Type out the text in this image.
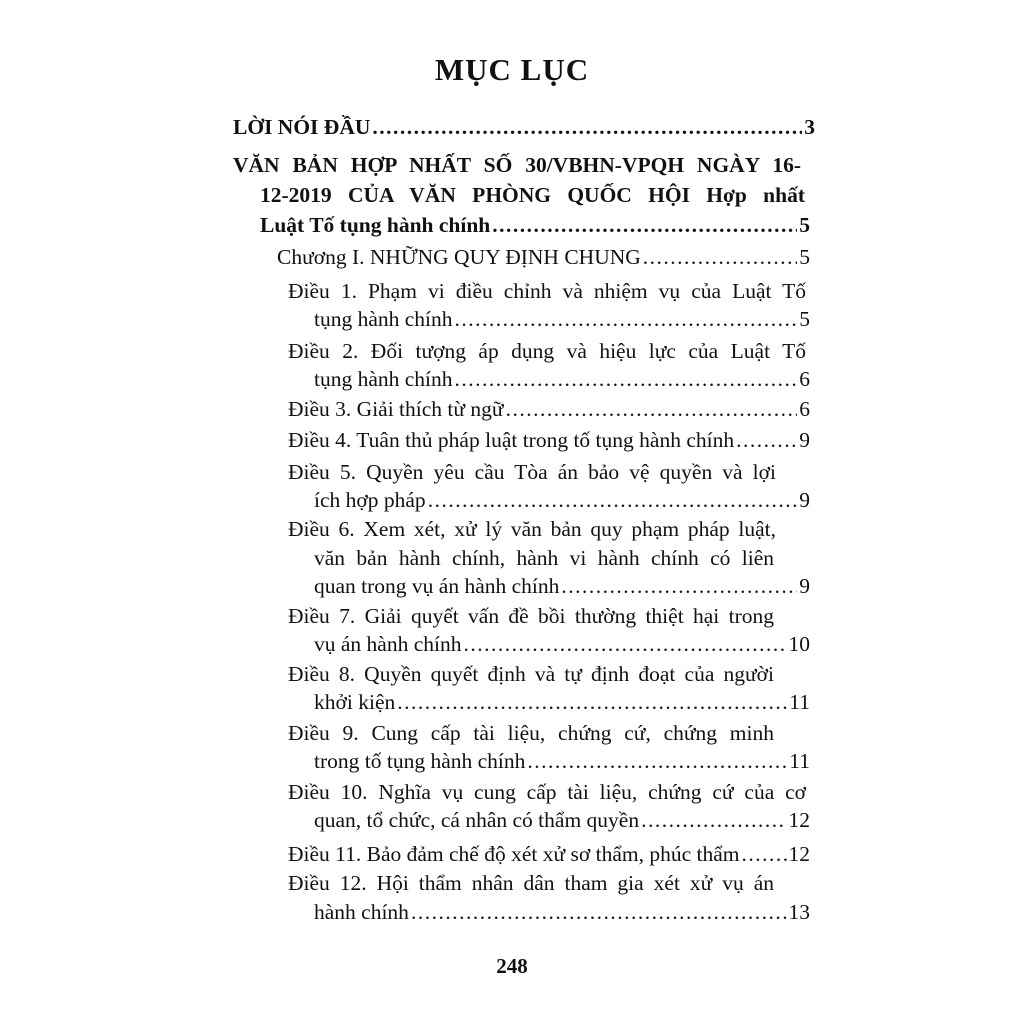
MỤC LỤC
LỜI NÓI ĐẦU .....	3
VĂN BẢN HỢP NHẤT SỐ 30/VBHN-VPQH NGÀY 16-
12-2019 CỦA VĂN PHÒNG QUỐC HỘI Hợp nhất
Luật Tố tụng hành chính .....	5
Chương I. NHỮNG QUY ĐỊNH CHUNG .....	5
Điều 1. Phạm vi điều chỉnh và nhiệm vụ của Luật Tố
tụng hành chính .....	5
Điều 2. Đối tượng áp dụng và hiệu lực của Luật Tố
tụng hành chính .....	6
Điều 3. Giải thích từ ngữ .....	6
Điều 4. Tuân thủ pháp luật trong tố tụng hành chính .....	9
Điều 5. Quyền yêu cầu Tòa án bảo vệ quyền và lợi
ích hợp pháp .....	9
Điều 6. Xem xét, xử lý văn bản quy phạm pháp luật,
văn bản hành chính, hành vi hành chính có liên
quan trong vụ án hành chính .....	9
Điều 7. Giải quyết vấn đề bồi thường thiệt hại trong
vụ án hành chính .....	10
Điều 8. Quyền quyết định và tự định đoạt của người
khởi kiện .....	11
Điều 9. Cung cấp tài liệu, chứng cứ, chứng minh
trong tố tụng hành chính .....	11
Điều 10. Nghĩa vụ cung cấp tài liệu, chứng cứ của cơ
quan, tổ chức, cá nhân có thẩm quyền .....	12
Điều 11. Bảo đảm chế độ xét xử sơ thẩm, phúc thẩm ..... 12
Điều 12. Hội thẩm nhân dân tham gia xét xử vụ án
hành chính .....	13
248
